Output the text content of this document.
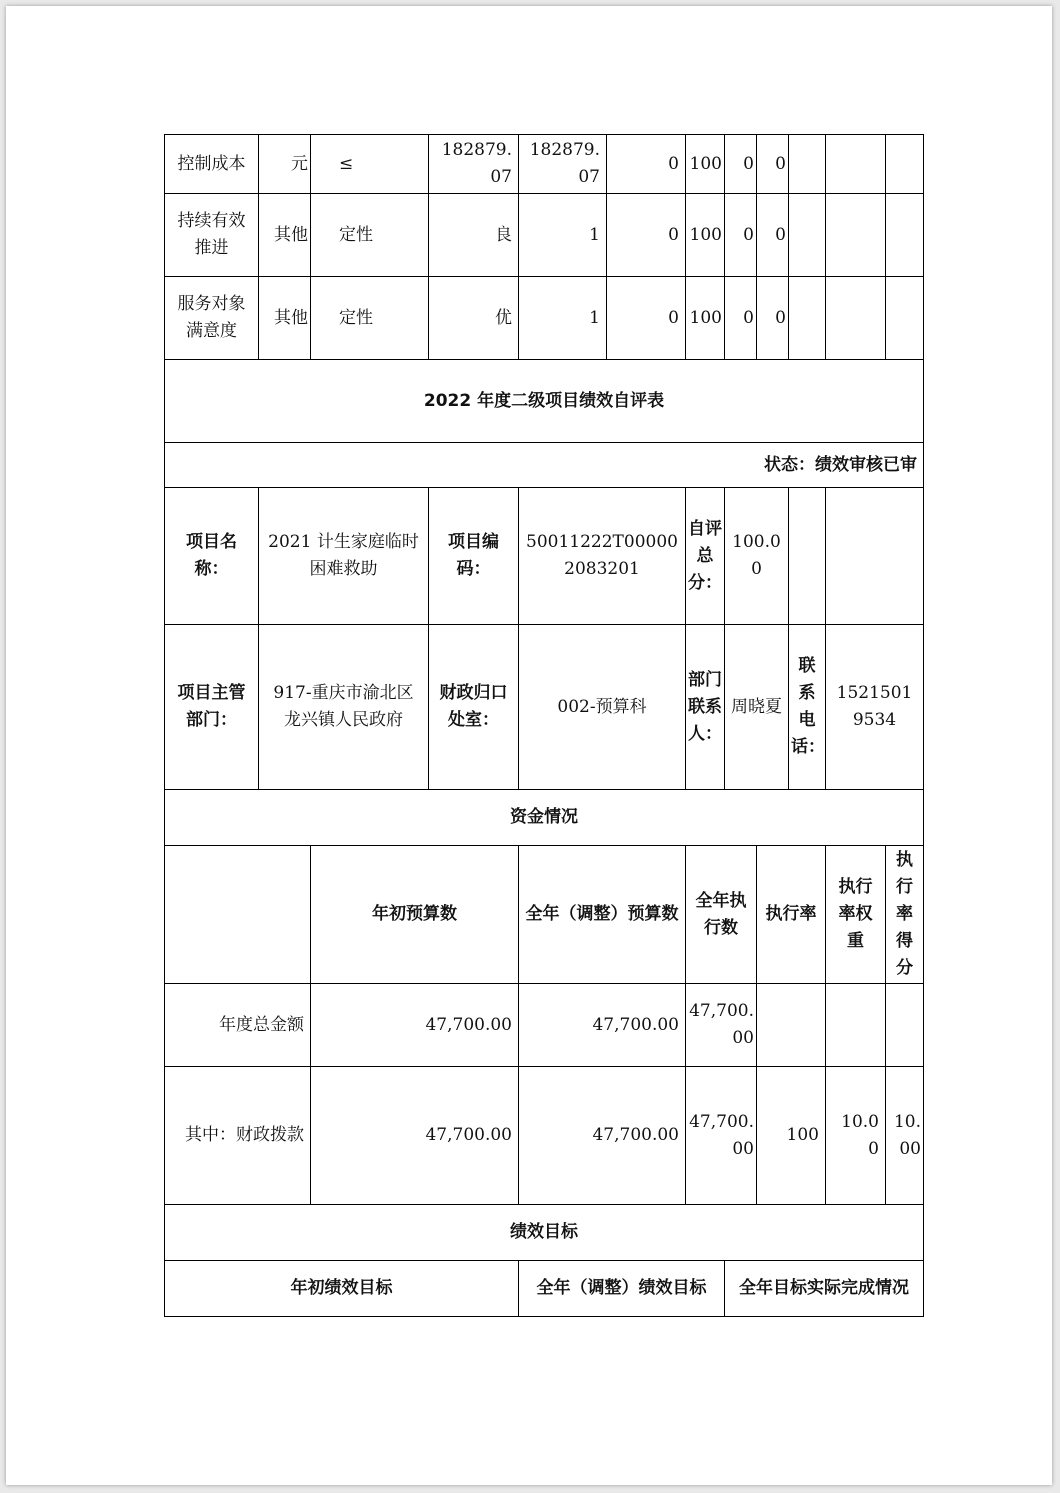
控制成本	元	≤	182879.07	182879.07	0	100	0	0			
持续有效推进	其他	定性	良	1	0	100	0	0			
服务对象满意度	其他	定性	优	1	0	100	0	0			
2022 年度二级项目绩效自评表											
状态：绩效审核已审											
项目名称：	2021 计生家庭临时困难救助		项目编码：	50011222T000002083201		自评总分：	100.00				
项目主管部门：	917-重庆市渝北区龙兴镇人民政府		财政归口处室：	002-预算科		部门联系人：	周晓夏		联系电话：	15215019534	
资金情况											
		年初预算数		全年（调整）预算数		全年执行数		执行率		执行率权重	执行率得分
年度总金额		47,700.00		47,700.00		47,700.00					
其中：财政拨款		47,700.00		47,700.00		47,700.00		100		10.00	10.00
绩效目标											
年初绩效目标				全年（调整）绩效目标			全年目标实际完成情况				
